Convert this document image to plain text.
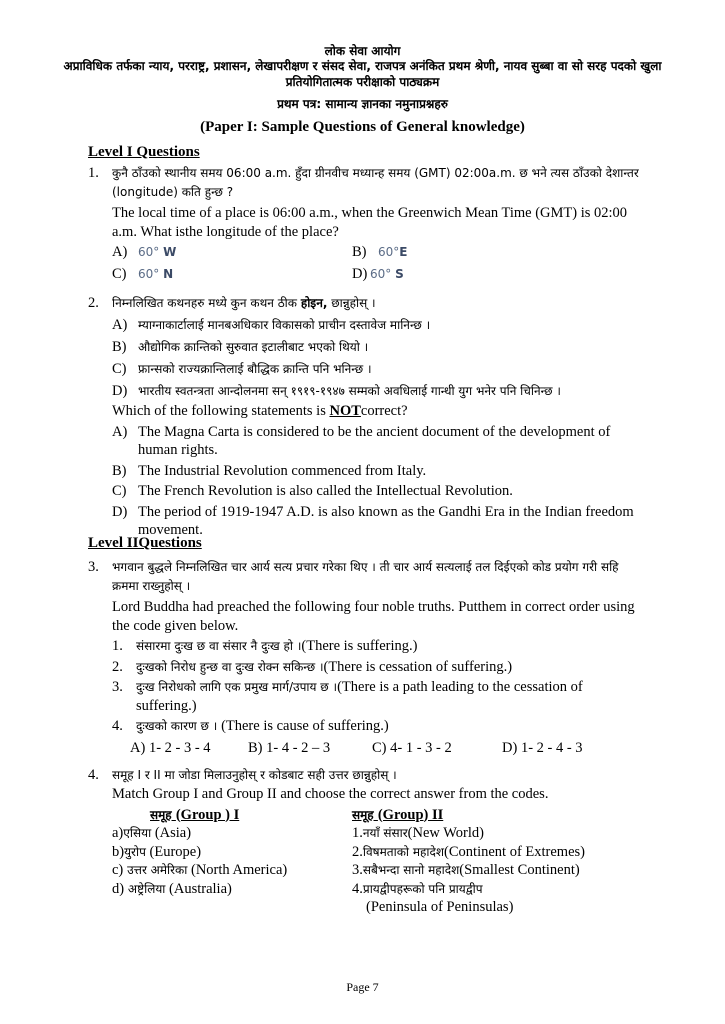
लोक सेवा आयोग
अप्राविधिक तर्फका न्याय, परराष्ट्र, प्रशासन, लेखापरीक्षण र संसद सेवा, राजपत्र अनंकित प्रथम श्रेणी, नायव सुब्बा वा सो सरह पदको खुला प्रतियोगितात्मक परीक्षाको पाठ्यक्रम
प्रथम पत्र: सामान्य ज्ञानका नमुनाप्रश्नहरु
(Paper I: Sample Questions of General knowledge)
Level I Questions
1. कुनै ठाँउको स्थानीय समय 06:00 a.m. हुँदा ग्रीनवीच मध्यान्ह समय (GMT) 02:00a.m. छ भने त्यस ठाँउको देशान्तर (longitude) कति हुन्छ ?
The local time of a place is 06:00 a.m., when the Greenwich Mean Time (GMT) is 02:00 a.m. What isthe longitude of the place?
A) 60° W	B) 60°E
C) 60° N	D) 60° S
2. निम्नलिखित कथनहरु मध्ये कुन कथन ठीक होइन, छान्नुहोस् ।
A) म्याग्नाकार्टालाई मानबअधिकार विकासको प्राचीन दस्तावेज मानिन्छ ।
B) औद्योगिक क्रान्तिको सुरुवात इटालीबाट भएको थियो ।
C) फ्रान्सको राज्यक्रान्तिलाई बौद्धिक क्रान्ति पनि भनिन्छ ।
D) भारतीय स्वतन्त्रता आन्दोलनमा सन् १९१९-१९४७ सम्मको अवधिलाई गान्धी युग भनेर पनि चिनिन्छ ।
Which of the following statements is NOTcorrect?
A) The Magna Carta is considered to be the ancient document of the development of human rights.
B) The Industrial Revolution commenced from Italy.
C) The French Revolution is also called the Intellectual Revolution.
D) The period of 1919-1947 A.D. is also known as the Gandhi Era in the Indian freedom movement.
Level IIQuestions
3. भगवान बुद्धले निम्नलिखित चार आर्य सत्य प्रचार गरेका थिए । ती चार आर्य सत्यलाई तल दिईएको कोड प्रयोग गरी सहि क्रममा राख्नुहोस् ।
Lord Buddha had preached the following four noble truths. Putthem in correct order using the code given below.
1.	संसारमा दुःख छ वा संसार नै दुःख हो ।(There is suffering.)
2.	दुःखको निरोध हुन्छ वा दुःख रोक्न सकिन्छ ।(There is cessation of suffering.)
3.	दुःख निरोधको लागि एक प्रमुख मार्ग/उपाय छ ।(There is a path leading to the cessation of suffering.)
4.	दुःखको कारण छ । (There is cause of suffering.)
A) 1- 2 - 3 - 4	B) 1- 4 - 2 – 3	C) 4- 1 - 3 - 2	D) 1- 2 - 4 - 3
4. समूह I र II मा जोडा मिलाउनुहोस् र कोडबाट सही उत्तर छान्नुहोस् ।
Match Group I and Group II and choose the correct answer from the codes.
समूह (Group ) I	समूह (Group) II
a)एसिया (Asia)	1.नयाँ संसार(New World)
b)युरोप (Europe)	2.विषमताको महादेश(Continent of Extremes)
c) उत्तर अमेरिका (North America)	3.सबैभन्दा सानो महादेश(Smallest Continent)
d) अष्ट्रेलिया (Australia)	4.प्रायद्वीपहरूको पनि प्रायद्वीप
(Peninsula of Peninsulas)
Page 7
